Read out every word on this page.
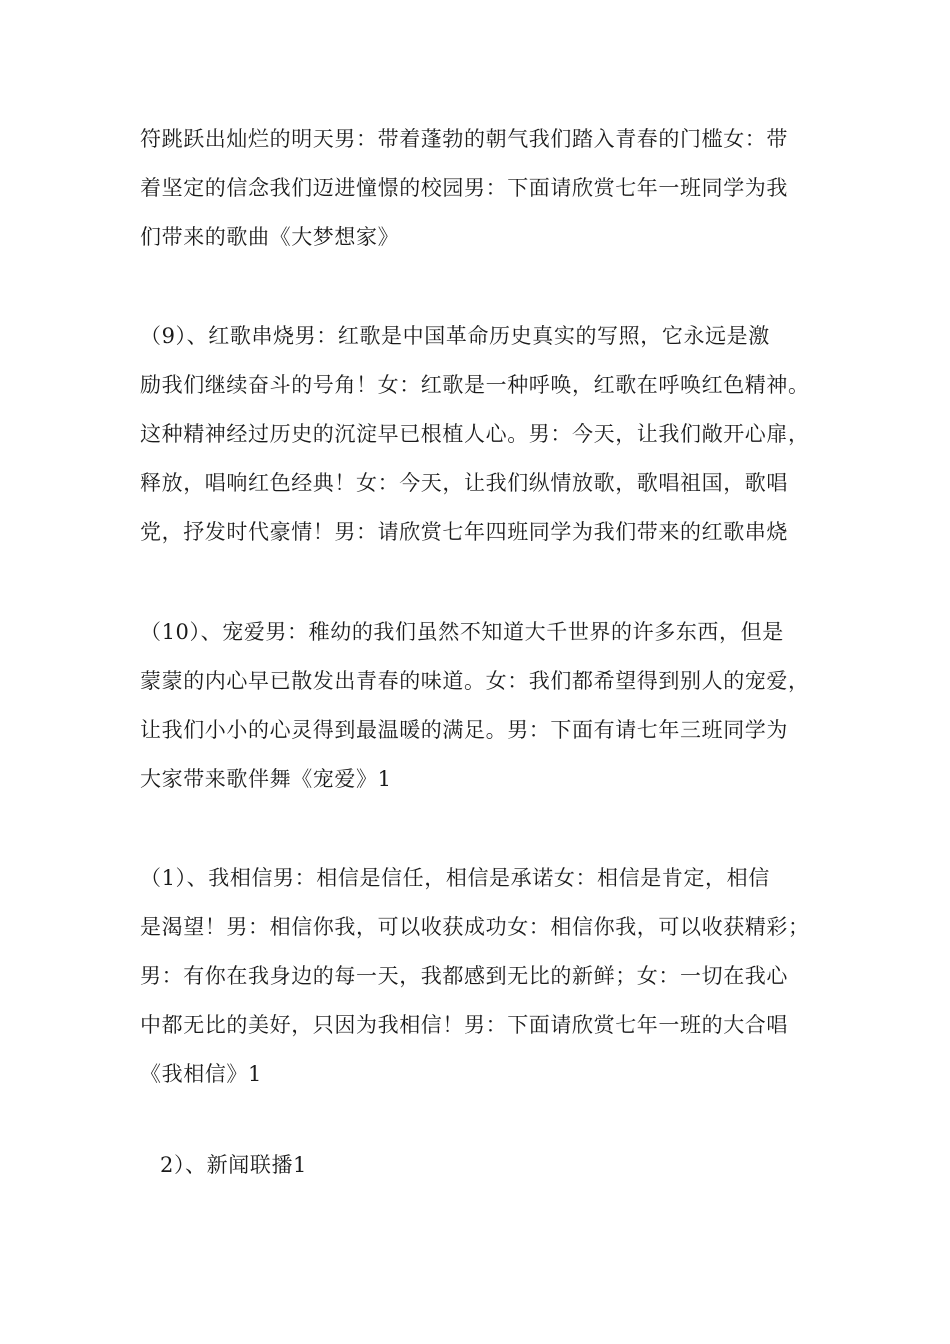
符跳跃出灿烂的明天男：带着蓬勃的朝气我们踏入青春的门槛女：带
着坚定的信念我们迈进憧憬的校园男：下面请欣赏七年一班同学为我
们带来的歌曲《大梦想家》
（9）、红歌串烧男：红歌是中国革命历史真实的写照，它永远是激
励我们继续奋斗的号角！女：红歌是一种呼唤，红歌在呼唤红色精神。
这种精神经过历史的沉淀早已根植人心。男：今天，让我们敞开心扉，
释放，唱响红色经典！女：今天，让我们纵情放歌，歌唱祖国，歌唱
党，抒发时代豪情！男：请欣赏七年四班同学为我们带来的红歌串烧
（10）、宠爱男：稚幼的我们虽然不知道大千世界的许多东西，但是
蒙蒙的内心早已散发出青春的味道。女：我们都希望得到别人的宠爱，
让我们小小的心灵得到最温暖的满足。男：下面有请七年三班同学为
大家带来歌伴舞《宠爱》1
（1）、我相信男：相信是信任，相信是承诺女：相信是肯定，相信
是渴望！男：相信你我，可以收获成功女：相信你我，可以收获精彩；
男：有你在我身边的每一天，我都感到无比的新鲜；女：一切在我心
中都无比的美好，只因为我相信！男：下面请欣赏七年一班的大合唱
《我相信》1
2）、新闻联播1
